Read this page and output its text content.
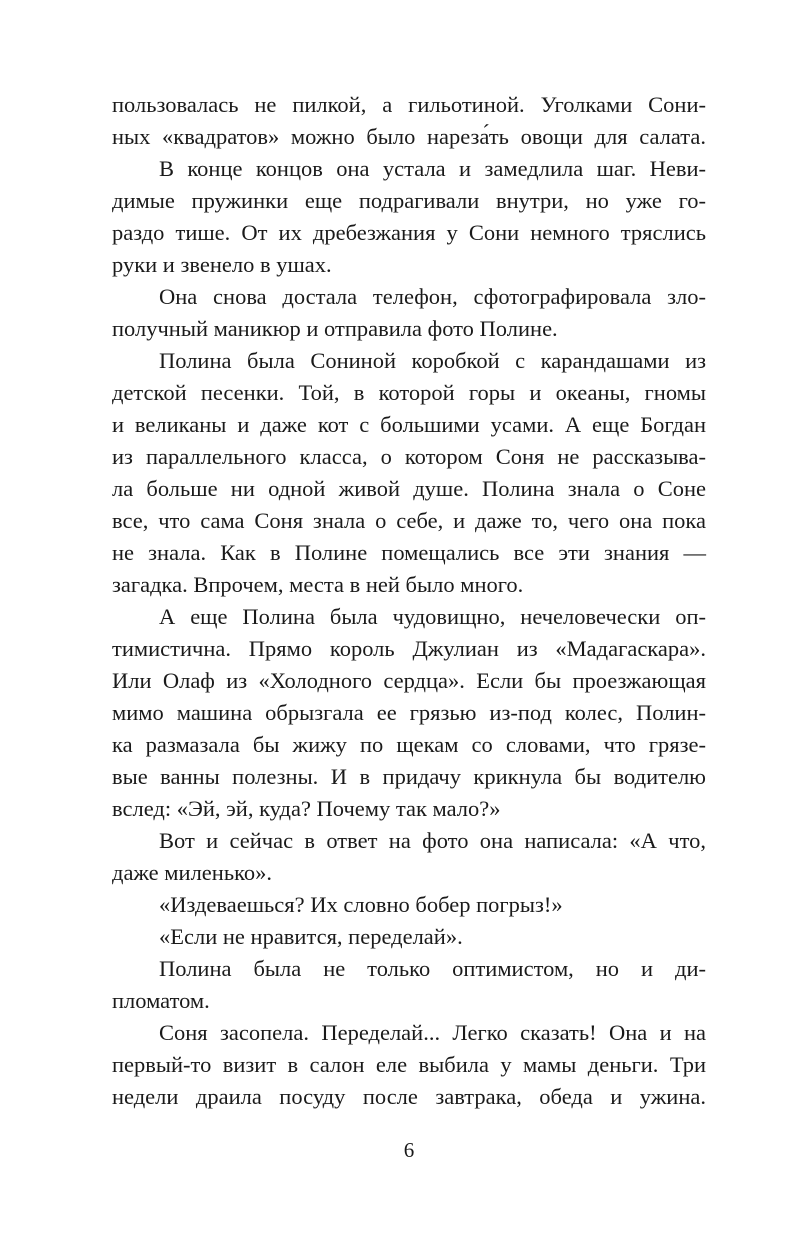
пользовалась не пилкой, а гильотиной. Уголками Сони-
ных «квадратов» можно было нареза́ть овощи для салата.

В конце концов она устала и замедлила шаг. Неви-
димые пружинки еще подрагивали внутри, но уже го-
раздо тише. От их дребезжания у Сони немного тряслись
руки и звенело в ушах.

Она снова достала телефон, сфотографировала зло-
получный маникюр и отправила фото Полине.

Полина была Сониной коробкой с карандашами из
детской песенки. Той, в которой горы и океаны, гномы
и великаны и даже кот с большими усами. А еще Богдан
из параллельного класса, о котором Соня не рассказыва-
ла больше ни одной живой душе. Полина знала о Соне
все, что сама Соня знала о себе, и даже то, чего она пока
не знала. Как в Полине помещались все эти знания —
загадка. Впрочем, места в ней было много.

А еще Полина была чудовищно, нечеловечески оп-
тимистична. Прямо король Джулиан из «Мадагаскара».
Или Олаф из «Холодного сердца». Если бы проезжающая
мимо машина обрызгала ее грязью из-под колес, Полин-
ка размазала бы жижу по щекам со словами, что грязе-
вые ванны полезны. И в придачу крикнула бы водителю
вслед: «Эй, эй, куда? Почему так мало?»

Вот и сейчас в ответ на фото она написала: «А что,
даже миленько».

«Издеваешься? Их словно бобер погрыз!»

«Если не нравится, переделай».

Полина была не только оптимистом, но и ди-
пломатом.

Соня засопела. Переделай... Легко сказать! Она и на
первый-то визит в салон еле выбила у мамы деньги. Три
недели драила посуду после завтрака, обеда и ужина.

6
